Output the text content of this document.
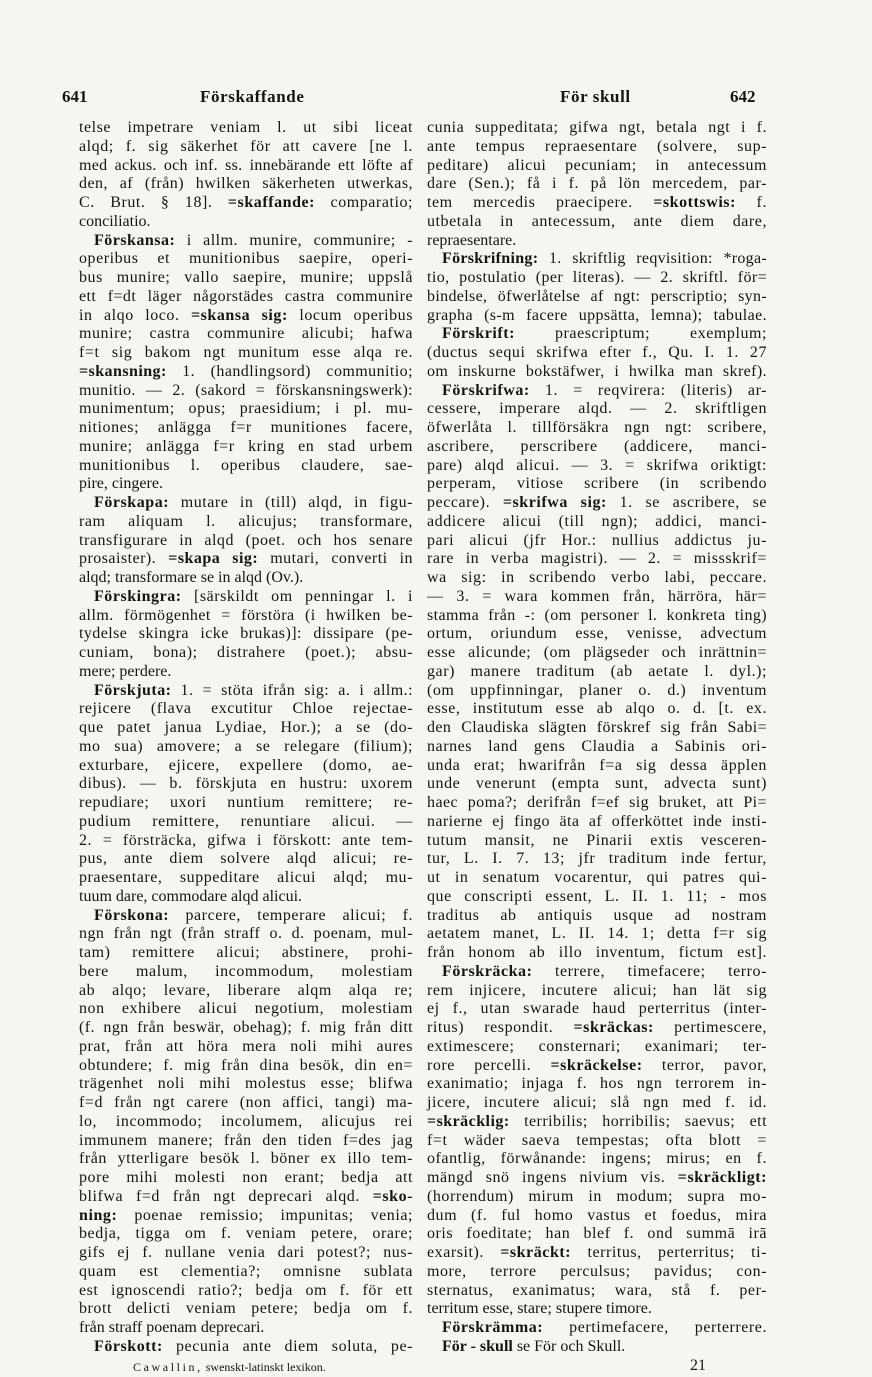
641	Förskaffande	För skull	642
telse impetrare veniam l. ut sibi liceat
alqd; f. sig säkerhet för att cavere [ne l.
med ackus. och inf. ss. innebärande ett löfte af
den, af (från) hwilken säkerheten utwerkas,
C. Brut. § 18]. =skaffande: comparatio;
conciliatio.
Förskansa: i allm. munire, communire; -
operibus et munitionibus saepire, operi-
bus munire; vallo saepire, munire; uppslå
ett f=dt läger någorstädes castra communire
in alqo loco. =skansa sig: locum operibus
munire; castra communire alicubi; hafwa
f=t sig bakom ngt munitum esse alqa re.
=skansning: 1. (handlingsord) communitio;
munitio. — 2. (sakord = förskansningswerk):
munimentum; opus; praesidium; i pl. mu-
nitiones; anlägga f=r munitiones facere,
munire; anlägga f=r kring en stad urbem
munitionibus l. operibus claudere, sae-
pire, cingere.
Förskapa: mutare in (till) alqd, in figu-
ram aliquam l. alicujus; transformare,
transfigurare in alqd (poet. och hos senare
prosaister). =skapa sig: mutari, converti in
alqd; transformare se in alqd (Ov.).
Förskingra: [särskildt om penningar l. i
allm. förmögenhet = förstöra (i hwilken be-
tydelse skingra icke brukas)]: dissipare (pe-
cuniam, bona); distrahere (poet.); absu-
mere; perdere.
Förskjuta: 1. = stöta ifrån sig: a. i allm.:
rejicere (flava excutitur Chloe rejectae-
que patet janua Lydiae, Hor.); a se (do-
mo sua) amovere; a se relegare (filium);
exturbare, ejicere, expellere (domo, ae-
dibus). — b. förskjuta en hustru: uxorem
repudiare; uxori nuntium remittere; re-
pudium remittere, renuntiare alicui. —
2. = försträcka, gifwa i förskott: ante tem-
pus, ante diem solvere alqd alicui; re-
praesentare, suppeditare alicui alqd; mu-
tuum dare, commodare alqd alicui.
Förskona: parcere, temperare alicui; f.
ngn från ngt (från straff o. d. poenam, mul-
tam) remittere alicui; abstinere, prohi-
bere malum, incommodum, molestiam
ab alqo; levare, liberare alqm alqa re;
non exhibere alicui negotium, molestiam
(f. ngn från beswär, obehag); f. mig från ditt
prat, från att höra mera noli mihi aures
obtundere; f. mig från dina besök, din en=
trägenhet noli mihi molestus esse; blifwa
f=d från ngt carere (non affici, tangi) ma-
lo, incommodo; incolumem, alicujus rei
immunem manere; från den tiden f=des jag
från ytterligare besök l. böner ex illo tem-
pore mihi molesti non erant; bedja att
blifwa f=d från ngt deprecari alqd. =sko-
ning: poenae remissio; impunitas; venia;
bedja, tigga om f. veniam petere, orare;
gifs ej f. nullane venia dari potest?; nus-
quam est clementia?; omnisne sublata
est ignoscendi ratio?; bedja om f. för ett
brott delicti veniam petere; bedja om f.
från straff poenam deprecari.
Förskott: pecunia ante diem soluta, pe-
cunia suppeditata; gifwa ngt, betala ngt i f.
ante tempus repraesentare (solvere, sup-
peditare) alicui pecuniam; in antecessum
dare (Sen.); få i f. på lön mercedem, par-
tem mercedis praecipere. =skottswis: f.
utbetala in antecessum, ante diem dare,
repraesentare.
Förskrifning: 1. skriftlig reqvisition: *roga-
tio, postulatio (per literas). — 2. skriftl. för=
bindelse, öfwerlåtelse af ngt: perscriptio; syn-
grapha (s-m facere uppsätta, lemna); tabulae.
Förskrift: praescriptum; exemplum;
(ductus sequi skrifwa efter f., Qu. I. 1. 27
om inskurne bokstäfwer, i hwilka man skref).
Förskrifwa: 1. = reqvirera: (literis) ar-
cessere, imperare alqd. — 2. skriftligen
öfwerlåta l. tillförsäkra ngn ngt: scribere,
ascribere, perscribere (addicere, manci-
pare) alqd alicui. — 3. = skrifwa oriktigt:
perperam, vitiose scribere (in scribendo
peccare). =skrifwa sig: 1. se ascribere, se
addicere alicui (till ngn); addici, manci-
pari alicui (jfr Hor.: nullius addictus ju-
rare in verba magistri). — 2. = missskrif=
wa sig: in scribendo verbo labi, peccare.
— 3. = wara kommen från, härröra, här=
stamma från -: (om personer l. konkreta ting)
ortum, oriundum esse, venisse, advectum
esse alicunde; (om plägseder och inrättnin=
gar) manere traditum (ab aetate l. dyl.);
(om uppfinningar, planer o. d.) inventum
esse, institutum esse ab alqo o. d. [t. ex.
den Claudiska slägten förskref sig från Sabi=
narnes land gens Claudia a Sabinis ori-
unda erat; hwarifrån f=a sig dessa äpplen
unde venerunt (empta sunt, advecta sunt)
haec poma?; derifrån f=ef sig bruket, att Pi=
narierne ej fingo äta af offerköttet inde insti-
tutum mansit, ne Pinarii extis vesceren-
tur, L. I. 7. 13; jfr traditum inde fertur,
ut in senatum vocarentur, qui patres qui-
que conscripti essent, L. II. 1. 11; - mos
traditus ab antiquis usque ad nostram
aetatem manet, L. II. 14. 1; detta f=r sig
från honom ab illo inventum, fictum est].
Förskräcka: terrere, timefacere; terro-
rem injicere, incutere alicui; han lät sig
ej f., utan swarade haud perterritus (inter-
ritus) respondit. =skräckas: pertimescere,
extimescere; consternari; exanimari; ter-
rore percelli. =skräckelse: terror, pavor,
exanimatio; injaga f. hos ngn terrorem in-
jicere, incutere alicui; slå ngn med f. id.
=skräcklig: terribilis; horribilis; saevus; ett
f=t wäder saeva tempestas; ofta blott =
ofantlig, förwånande: ingens; mirus; en f.
mängd snö ingens nivium vis. =skräckligt:
(horrendum) mirum in modum; supra mo-
dum (f. ful homo vastus et foedus, mira
oris foeditate; han blef f. ond summā irā
exarsit). =skräckt: territus, perterritus; ti-
more, terrore perculsus; pavidus; con-
sternatus, exanimatus; wara, stå f. per-
territum esse, stare; stupere timore.
Förskrämma: pertimefacere, perterrere.
För - skull se För och Skull.
Cawallin, swenskt-latinskt lexikon.	21
